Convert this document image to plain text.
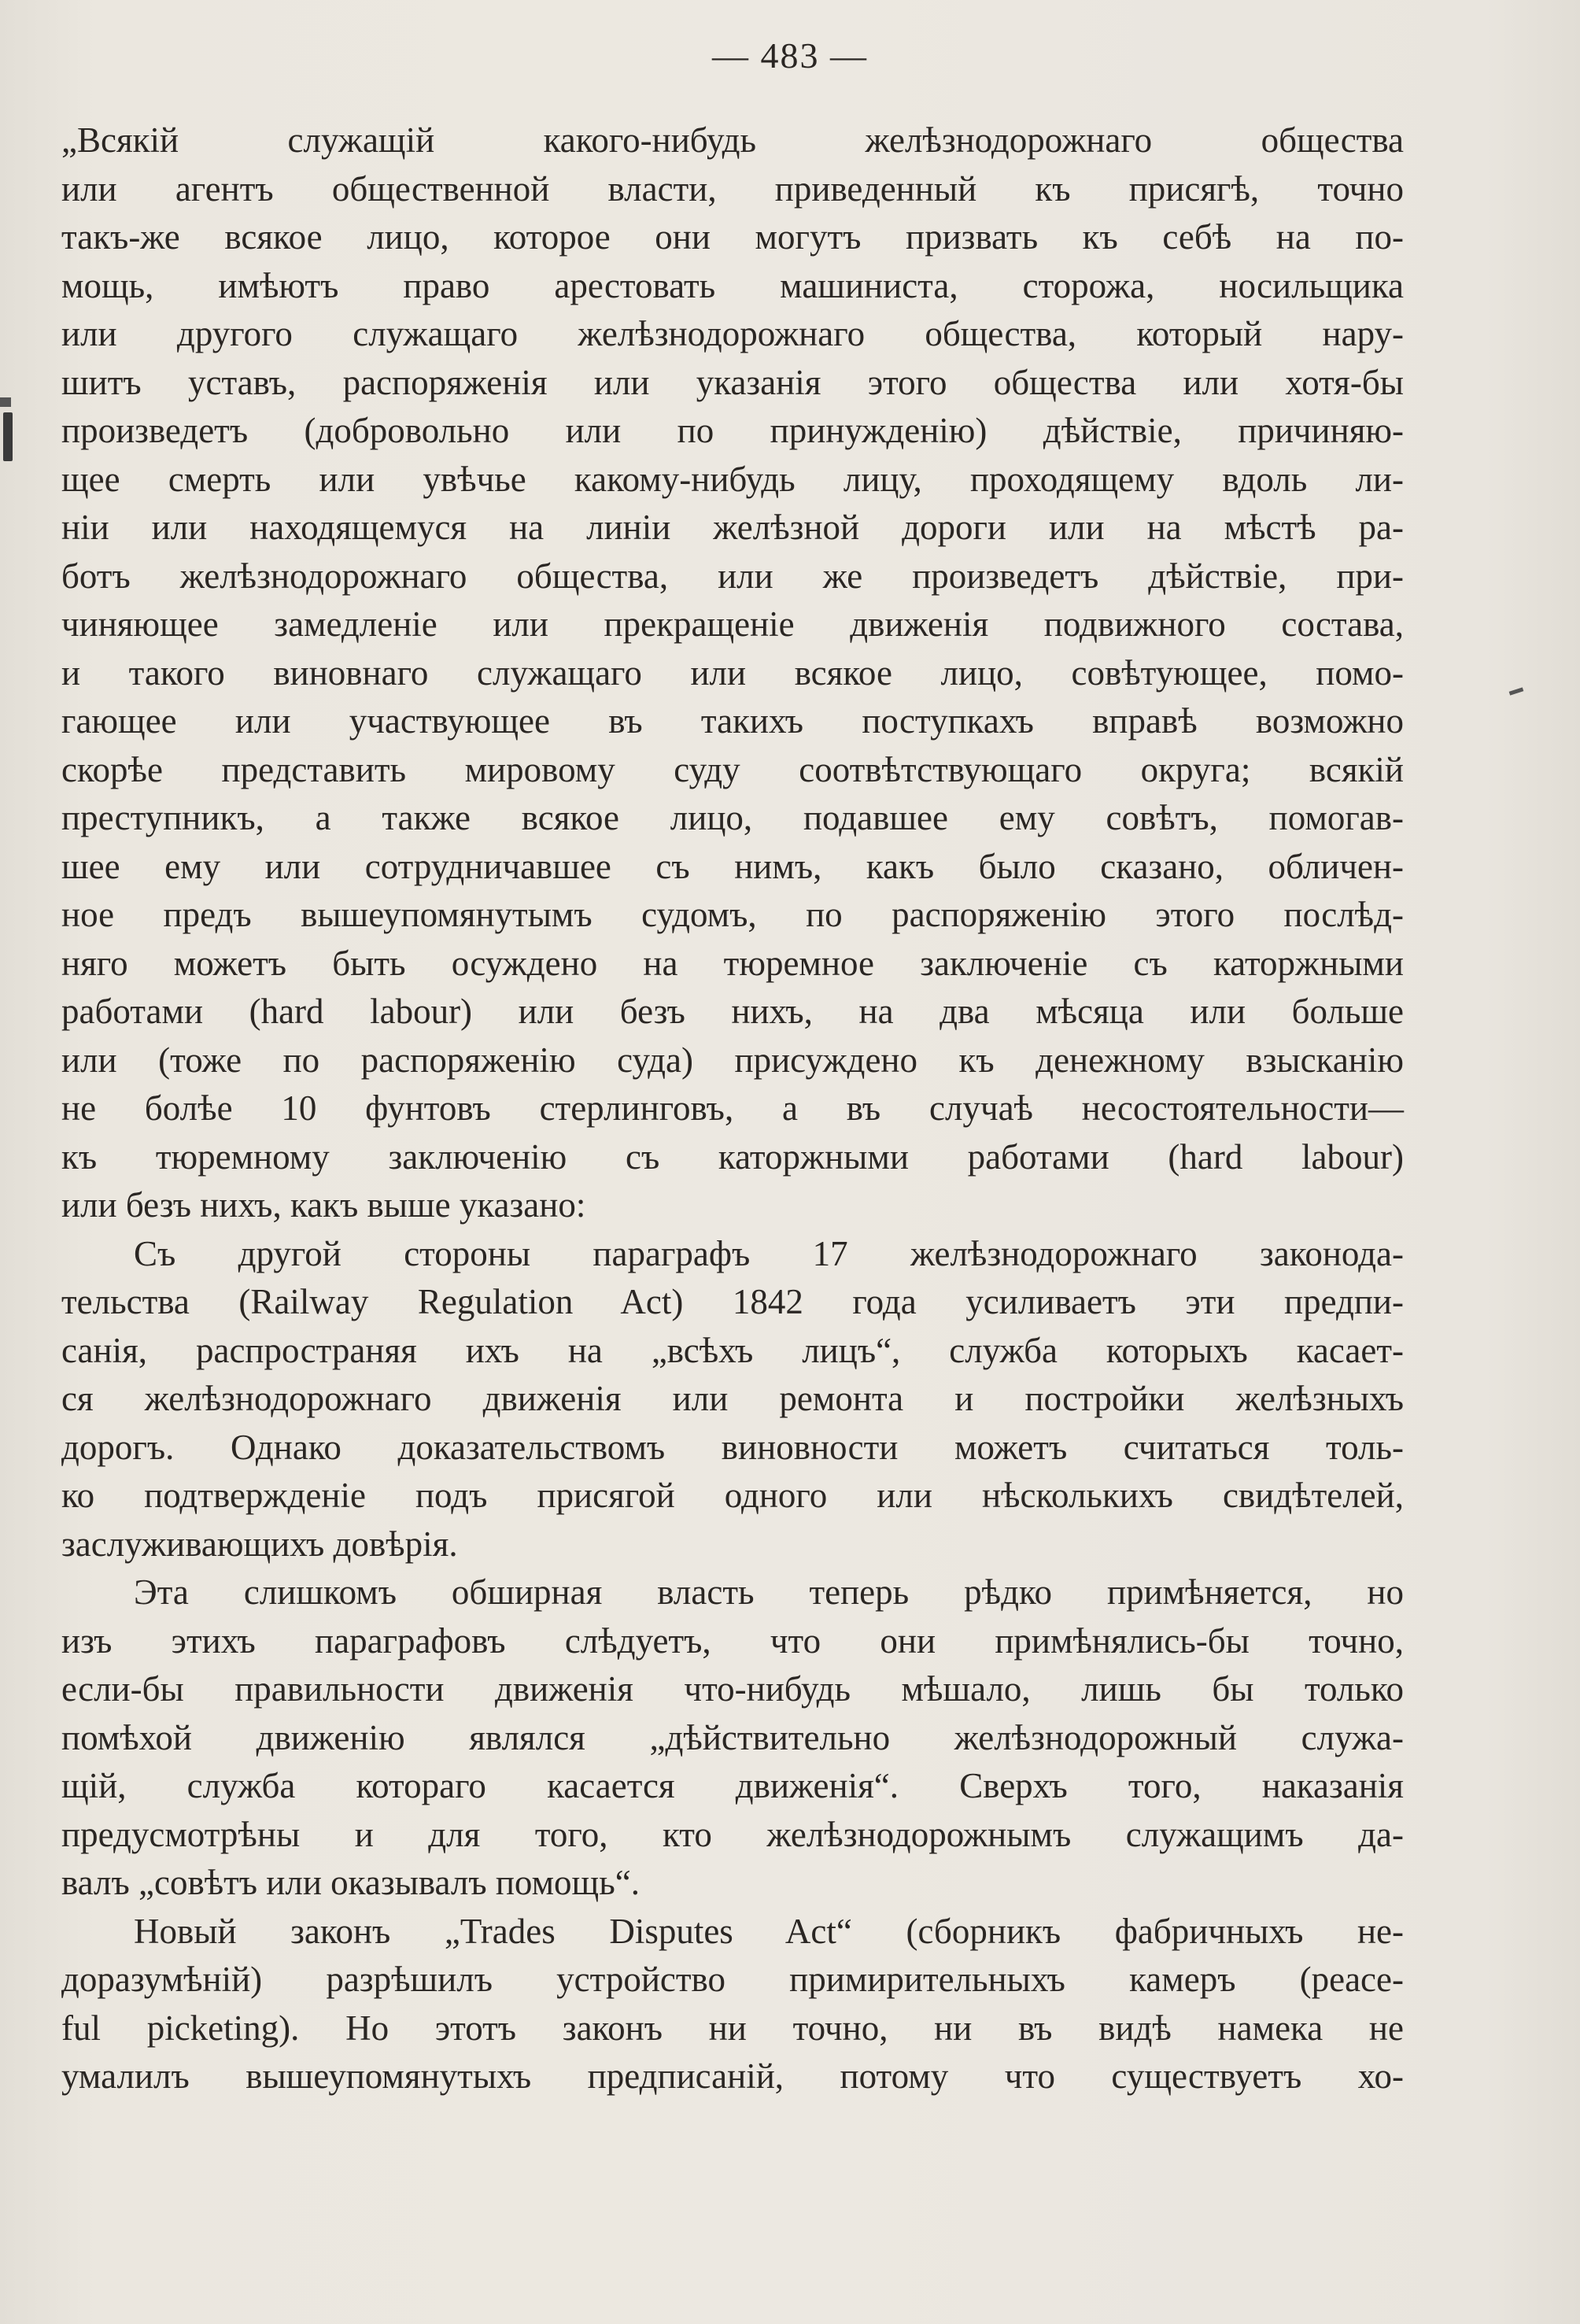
— 483 —

„Всякій служащій какого-нибудь желѣзнодорожнаго общества
или агентъ общественной власти, приведенный къ присягѣ, точно
такъ-же всякое лицо, которое они могутъ призвать къ себѣ на по-
мощь, имѣютъ право арестовать машиниста, сторожа, носильщика
или другого служащаго желѣзнодорожнаго общества, который нару-
шитъ уставъ, распоряженія или указанія этого общества или хотя-бы
произведетъ (добровольно или по принужденію) дѣйствіе, причиняю-
щее смерть или увѣчье какому-нибудь лицу, проходящему вдоль ли-
ніи или находящемуся на линіи желѣзной дороги или на мѣстѣ ра-
ботъ желѣзнодорожнаго общества, или же произведетъ дѣйствіе, при-
чиняющее замедленіе или прекращеніе движенія подвижного состава,
и такого виновнаго служащаго или всякое лицо, совѣтующее, помо-
гающее или участвующее въ такихъ поступкахъ вправѣ возможно
скорѣе представить мировому суду соотвѣтствующаго округа; всякій
преступникъ, а также всякое лицо, подавшее ему совѣтъ, помогав-
шее ему или сотрудничавшее съ нимъ, какъ было сказано, обличен-
ное предъ вышеупомянутымъ судомъ, по распоряженію этого послѣд-
няго можетъ быть осуждено на тюремное заключеніе съ каторжными
работами (hard labour) или безъ нихъ, на два мѣсяца или больше
или (тоже по распоряженію суда) присуждено къ денежному взысканію
не болѣе 10 фунтовъ стерлинговъ, а въ случаѣ несостоятельности—
къ тюремному заключенію съ каторжными работами (hard labour)
или безъ нихъ, какъ выше указано:

Съ другой стороны параграфъ 17 желѣзнодорожнаго законода-
тельства (Railway Regulation Act) 1842 года усиливаетъ эти предпи-
санія, распространяя ихъ на „всѣхъ лицъ“, служба которыхъ касает-
ся желѣзнодорожнаго движенія или ремонта и постройки желѣзныхъ
дорогъ. Однако доказательствомъ виновности можетъ считаться толь-
ко подтвержденіе подъ присягой одного или нѣсколькихъ свидѣтелей,
заслуживающихъ довѣрія.

Эта слишкомъ обширная власть теперь рѣдко примѣняется, но
изъ этихъ параграфовъ слѣдуетъ, что они примѣнялись-бы точно,
если-бы правильности движенія что-нибудь мѣшало, лишь бы только
помѣхой движенію являлся „дѣйствительно желѣзнодорожный служа-
щій, служба котораго касается движенія“. Сверхъ того, наказанія
предусмотрѣны и для того, кто желѣзнодорожнымъ служащимъ да-
валъ „совѣтъ или оказывалъ помощь“.

Новый законъ „Trades Disputes Act“ (сборникъ фабричныхъ не-
доразумѣній) разрѣшилъ устройство примирительныхъ камеръ (peace-
ful picketing). Но этотъ законъ ни точно, ни въ видѣ намека не
умалилъ вышеупомянутыхъ предписаній, потому что существуетъ хо-
